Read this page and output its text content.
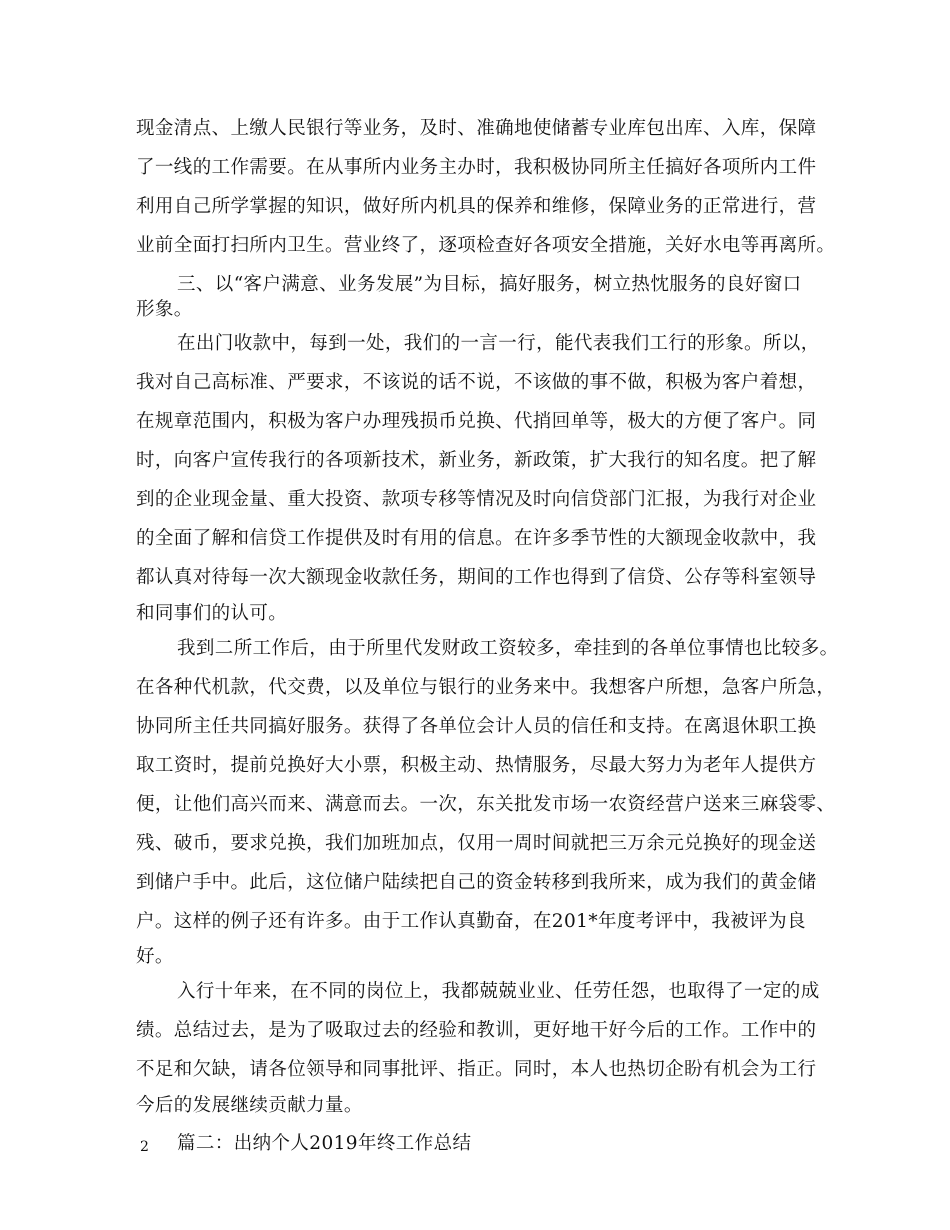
现金清点、上缴人民银行等业务，及时、准确地使储蓄专业库包出库、入库，保障
了一线的工作需要。在从事所内业务主办时，我积极协同所主任搞好各项所内工件
利用自己所学掌握的知识，做好所内机具的保养和维修，保障业务的正常进行，营
业前全面打扫所内卫生。营业终了，逐项检查好各项安全措施，关好水电等再离所。
三、以“客户满意、业务发展”为目标，搞好服务，树立热忱服务的良好窗口
形象。
在出门收款中，每到一处，我们的一言一行，能代表我们工行的形象。所以，
我对自己高标准、严要求，不该说的话不说，不该做的事不做，积极为客户着想，
在规章范围内，积极为客户办理残损币兑换、代捎回单等，极大的方便了客户。同
时，向客户宣传我行的各项新技术，新业务，新政策，扩大我行的知名度。把了解
到的企业现金量、重大投资、款项专移等情况及时向信贷部门汇报，为我行对企业
的全面了解和信贷工作提供及时有用的信息。在许多季节性的大额现金收款中，我
都认真对待每一次大额现金收款任务，期间的工作也得到了信贷、公存等科室领导
和同事们的认可。
我到二所工作后，由于所里代发财政工资较多，牵挂到的各单位事情也比较多。
在各种代机款，代交费，以及单位与银行的业务来中。我想客户所想，急客户所急，
协同所主任共同搞好服务。获得了各单位会计人员的信任和支持。在离退休职工换
取工资时，提前兑换好大小票，积极主动、热情服务，尽最大努力为老年人提供方
便，让他们高兴而来、满意而去。一次，东关批发市场一农资经营户送来三麻袋零、
残、破币，要求兑换，我们加班加点，仅用一周时间就把三万余元兑换好的现金送
到储户手中。此后，这位储户陆续把自己的资金转移到我所来，成为我们的黄金储
户。这样的例子还有许多。由于工作认真勤奋，在201*年度考评中，我被评为良
好。
入行十年来，在不同的岗位上，我都兢兢业业、任劳任怨，也取得了一定的成
绩。总结过去，是为了吸取过去的经验和教训，更好地干好今后的工作。工作中的
不足和欠缺，请各位领导和同事批评、指正。同时，本人也热切企盼有机会为工行
今后的发展继续贡献力量。
篇二：出纳个人2019年终工作总结
2
